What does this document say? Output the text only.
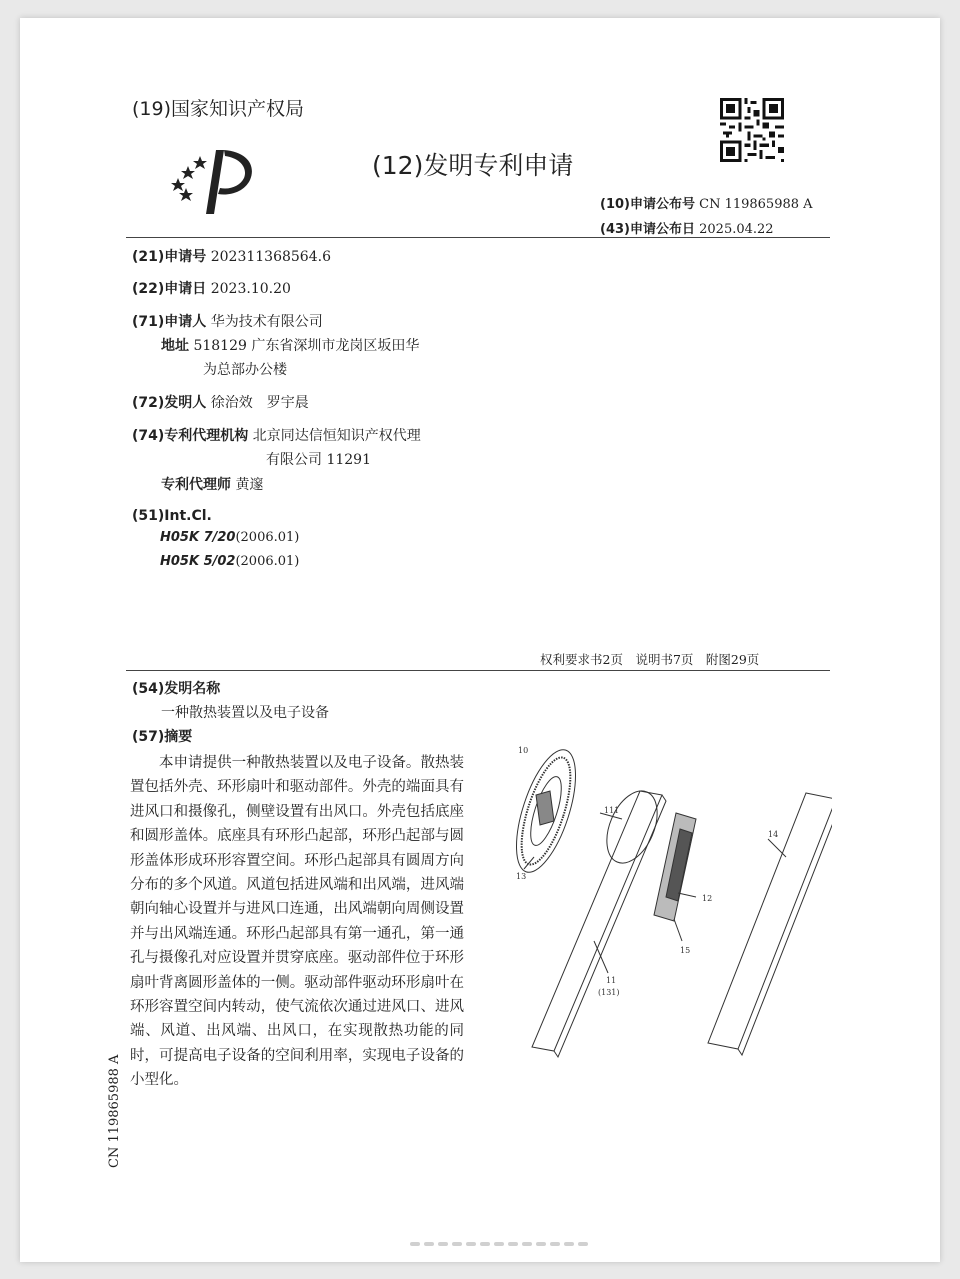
(19)国家知识产权局
(12)发明专利申请
(10)申请公布号 CN 119865988 A
(43)申请公布日 2025.04.22
(21)申请号 202311368564.6
(22)申请日 2023.10.20
(71)申请人 华为技术有限公司
地址 518129 广东省深圳市龙岗区坂田华
为总部办公楼
(72)发明人 徐治效　罗宇晨
(74)专利代理机构 北京同达信恒知识产权代理
有限公司 11291
专利代理师 黄邃
(51)Int.Cl.
H05K 7/20(2006.01)
H05K 5/02(2006.01)
权利要求书2页　说明书7页　附图29页
(54)发明名称
一种散热装置以及电子设备
(57)摘要
本申请提供一种散热装置以及电子设备。散热装置包括外壳、环形扇叶和驱动部件。外壳的端面具有进风口和摄像孔，侧壁设置有出风口。外壳包括底座和圆形盖体。底座具有环形凸起部，环形凸起部与圆形盖体形成环形容置空间。环形凸起部具有圆周方向分布的多个风道。风道包括进风端和出风端，进风端朝向轴心设置并与进风口连通，出风端朝向周侧设置并与出风端连通。环形凸起部具有第一通孔，第一通孔与摄像孔对应设置并贯穿底座。驱动部件位于环形扇叶背离圆形盖体的一侧。驱动部件驱动环形扇叶在环形容置空间内转动，使气流依次通过进风口、进风端、风道、出风端、出风口，在实现散热功能的同时，可提高电子设备的空间利用率，实现电子设备的小型化。
CN 119865988 A
10
111
13
12
15
11
(131)
14
